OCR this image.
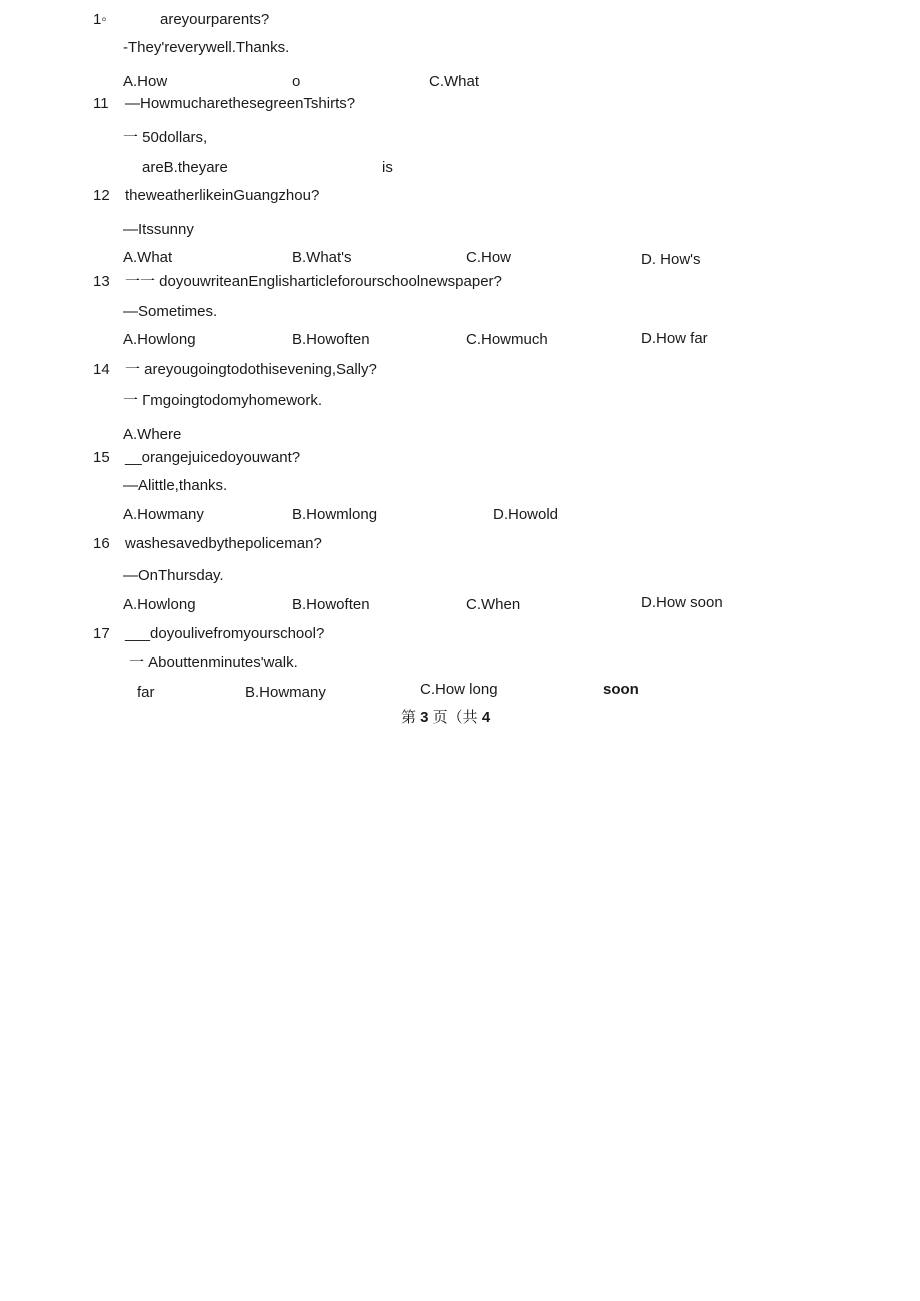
1◦	areyourparents?
-They'reverywell.Thanks.
A.How	o	C.What
11 —HowmucharethesegreenTshirts?
一 50dollars,
areB.theyare	is
12 theweatherlikeinGuangzhou?
—Itssunny
A.What	B.What's	C.How	D. How's
13 一一 doyouwriteanEnglisharticleforourschoolnewspaper?
—Sometimes.
A.Howlong	B.Howoften	C.Howmuch	D.How far
14 一 areyougoingtodothisevening,Sally?
一 Гmgoingtodomyhomework.
A.Where
15 __orangejuicedoyouwant?
—Alittle,thanks.
A.Howmany	B.Howmlong	D.Howold
16 washesavedbythepoliceman?
—OnThursday.
A.Howlong	B.Howoften	C.When	D.How soon
17 ___doyoulivefromyourschool?
一 Abouttenminutes'walk.
far	B.Howmany	C.How long	soon
第 3 页（共 4
